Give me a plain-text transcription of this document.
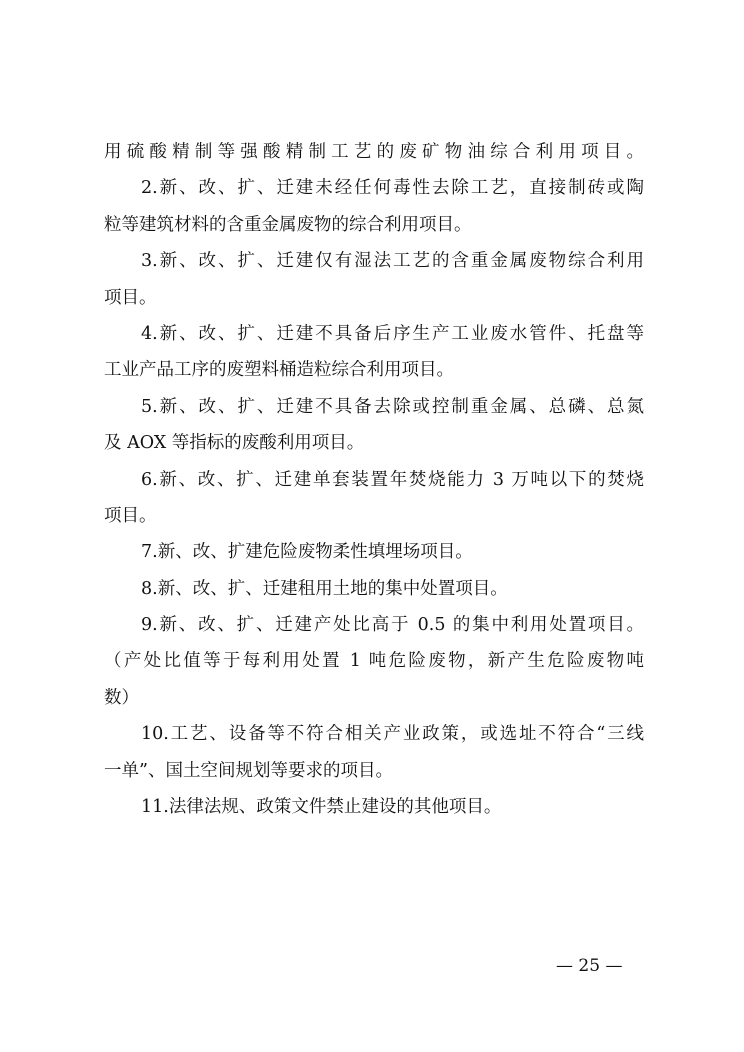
用硫酸精制等强酸精制工艺的废矿物油综合利用项目。
2.新、改、扩、迁建未经任何毒性去除工艺，直接制砖或陶
粒等建筑材料的含重金属废物的综合利用项目。
3.新、改、扩、迁建仅有湿法工艺的含重金属废物综合利用
项目。
4.新、改、扩、迁建不具备后序生产工业废水管件、托盘等
工业产品工序的废塑料桶造粒综合利用项目。
5.新、改、扩、迁建不具备去除或控制重金属、总磷、总氮
及 AOX 等指标的废酸利用项目。
6.新、改、扩、迁建单套装置年焚烧能力 3 万吨以下的焚烧
项目。
7.新、改、扩建危险废物柔性填埋场项目。
8.新、改、扩、迁建租用土地的集中处置项目。
9.新、改、扩、迁建产处比高于 0.5 的集中利用处置项目。
（产处比值等于每利用处置 1 吨危险废物，新产生危险废物吨
数）
10.工艺、设备等不符合相关产业政策，或选址不符合“三线
一单”、国土空间规划等要求的项目。
11.法律法规、政策文件禁止建设的其他项目。
— 25 —
